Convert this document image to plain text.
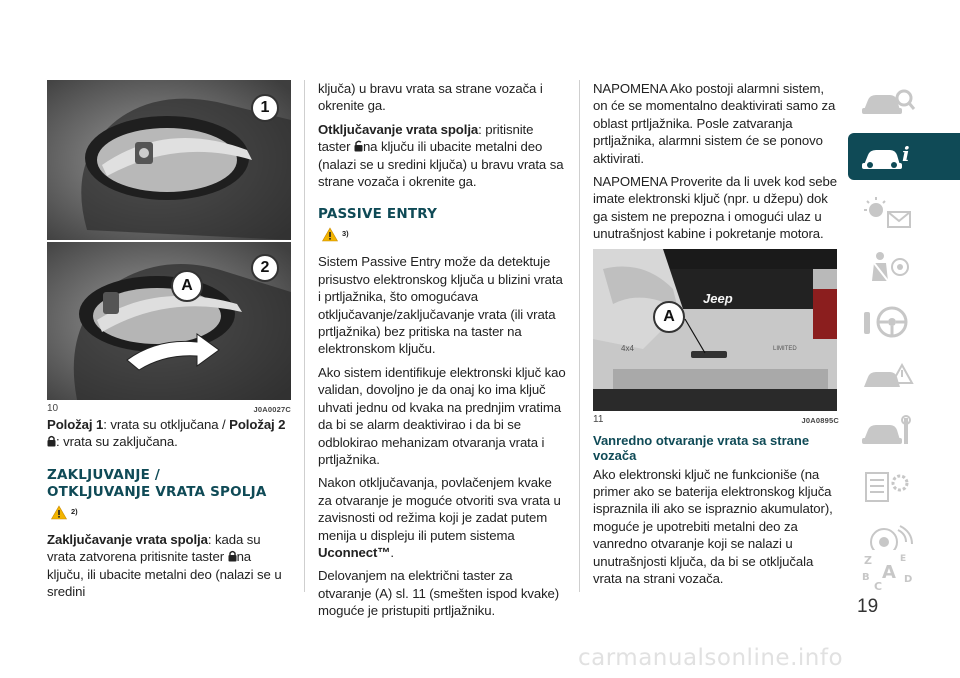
1
2
A
10	J0A0027C

Položaj 1: vrata su otključana / Položaj 2
: vrata su zaključana.

ZAKLJUVANJE /
OTKLJUVANJE VRATA SPOLJA
2)

Zaključavanje vrata spolja: kada su vrata zatvorena pritisnite taster na ključu, ili ubacite metalni deo (nalazi se u sredini

ključa) u bravu vrata sa strane vozača i okrenite ga.

Otključavanje vrata spolja: pritisnite taster na ključu ili ubacite metalni deo (nalazi se u sredini ključa) u bravu vrata sa strane vozača i okrenite ga.

PASSIVE ENTRY
3)

Sistem Passive Entry može da detektuje prisustvo elektronskog ključa u blizini vrata i prtljažnika, što omogućava otključavanje/zaključavanje vrata (ili vrata prtljažnika) bez pritiska na taster na elektronskom ključu.

Ako sistem identifikuje elektronski ključ kao validan, dovoljno je da onaj ko ima ključ uhvati jednu od kvaka na prednjim vratima da bi se alarm deaktivirao i da bi se odblokirao mehanizam otvaranja vrata i prtljažnika.

Nakon otključavanja, povlačenjem kvake za otvaranje je moguće otvoriti sva vrata u zavisnosti od režima koji je zadat putem menija u displeju ili putem sistema Uconnect™.

Delovanjem na električni taster za otvaranje (A) sl. 11 (smešten ispod kvake) moguće je pristupiti prtljažniku.

NAPOMENA Ako postoji alarmni sistem, on će se momentalno deaktivirati samo za oblast prtljažnika. Posle zatvaranja prtljažnika, alarmni sistem će se ponovo aktivirati.

NAPOMENA Proverite da li uvek kod sebe imate elektronski ključ (npr. u džepu) dok ga sistem ne prepozna i omogući ulaz u unutrašnjost kabine i pokretanje motora.

Jeep
4x4	LIMITED
A
11	J0A0895C
Vanredno otvaranje vrata sa strane vozača

Ako elektronski ključ ne funkcioniše (na primer ako se baterija elektronskog ključa ispraznila ili ako se ispraznio akumulator), moguće je upotrebiti metalni deo za vanredno otvaranje koji se nalazi u unutrašnjosti ključa, da bi se otključala vrata na strani vozača.

i
Z	E
A
B
C
D
19
carmanualsonline.info
